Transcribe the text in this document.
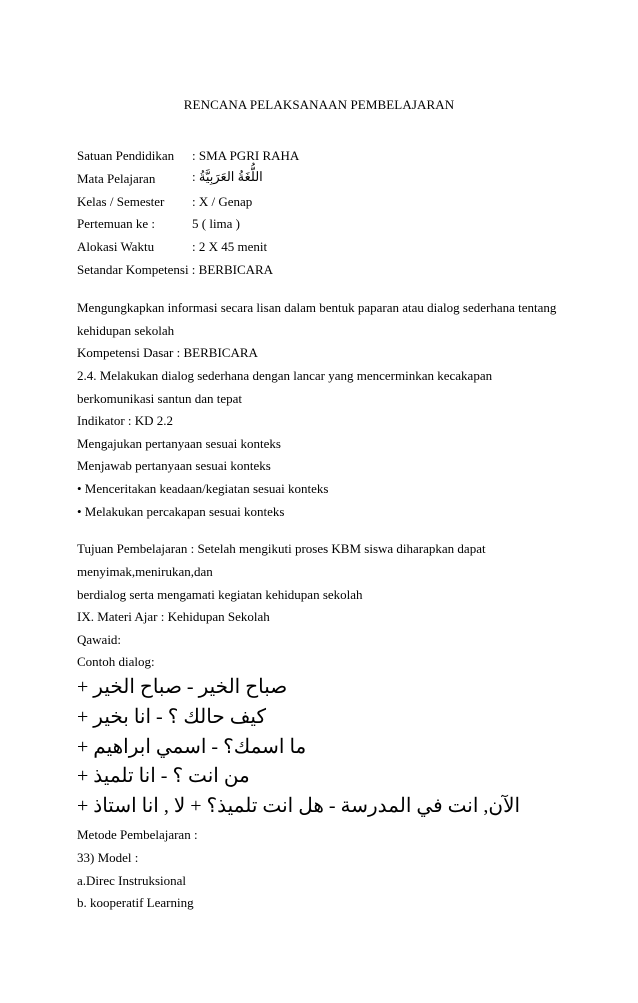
RENCANA PELAKSANAAN PEMBELAJARAN
Satuan Pendidikan : SMA PGRI RAHA
Mata Pelajaran	: اللُّغَةُ العَرَبِيَّةُ
Kelas / Semester : X / Genap
Pertemuan ke :	5 ( lima )
Alokasi Waktu	: 2 X 45 menit
Setandar Kompetensi : BERBICARA
Mengungkapkan informasi secara lisan dalam bentuk paparan atau dialog sederhana tentang
kehidupan sekolah
Kompetensi Dasar : BERBICARA
2.4. Melakukan dialog sederhana dengan lancar yang mencerminkan kecakapan
berkomunikasi santun dan tepat
Indikator : KD 2.2
Mengajukan pertanyaan sesuai konteks
Menjawab pertanyaan sesuai konteks
• Menceritakan keadaan/kegiatan sesuai konteks
• Melakukan percakapan sesuai konteks
Tujuan Pembelajaran : Setelah mengikuti proses KBM siswa diharapkan dapat
menyimak,menirukan,dan
berdialog serta mengamati kegiatan kehidupan sekolah
IX. Materi Ajar : Kehidupan Sekolah
Qawaid:
Contoh dialog:
+ صباح الخير - صباح الخير
+ كيف حالك ؟ - انا بخير
+ ما اسمك؟ - اسمي ابراهيم
+ من انت ؟ - انا تلميذ
+ الآن, انت في المدرسة - هل انت تلميذ؟ + لا , انا استاذ
Metode Pembelajaran :
33) Model :
a.Direc Instruksional
b. kooperatif Learning
